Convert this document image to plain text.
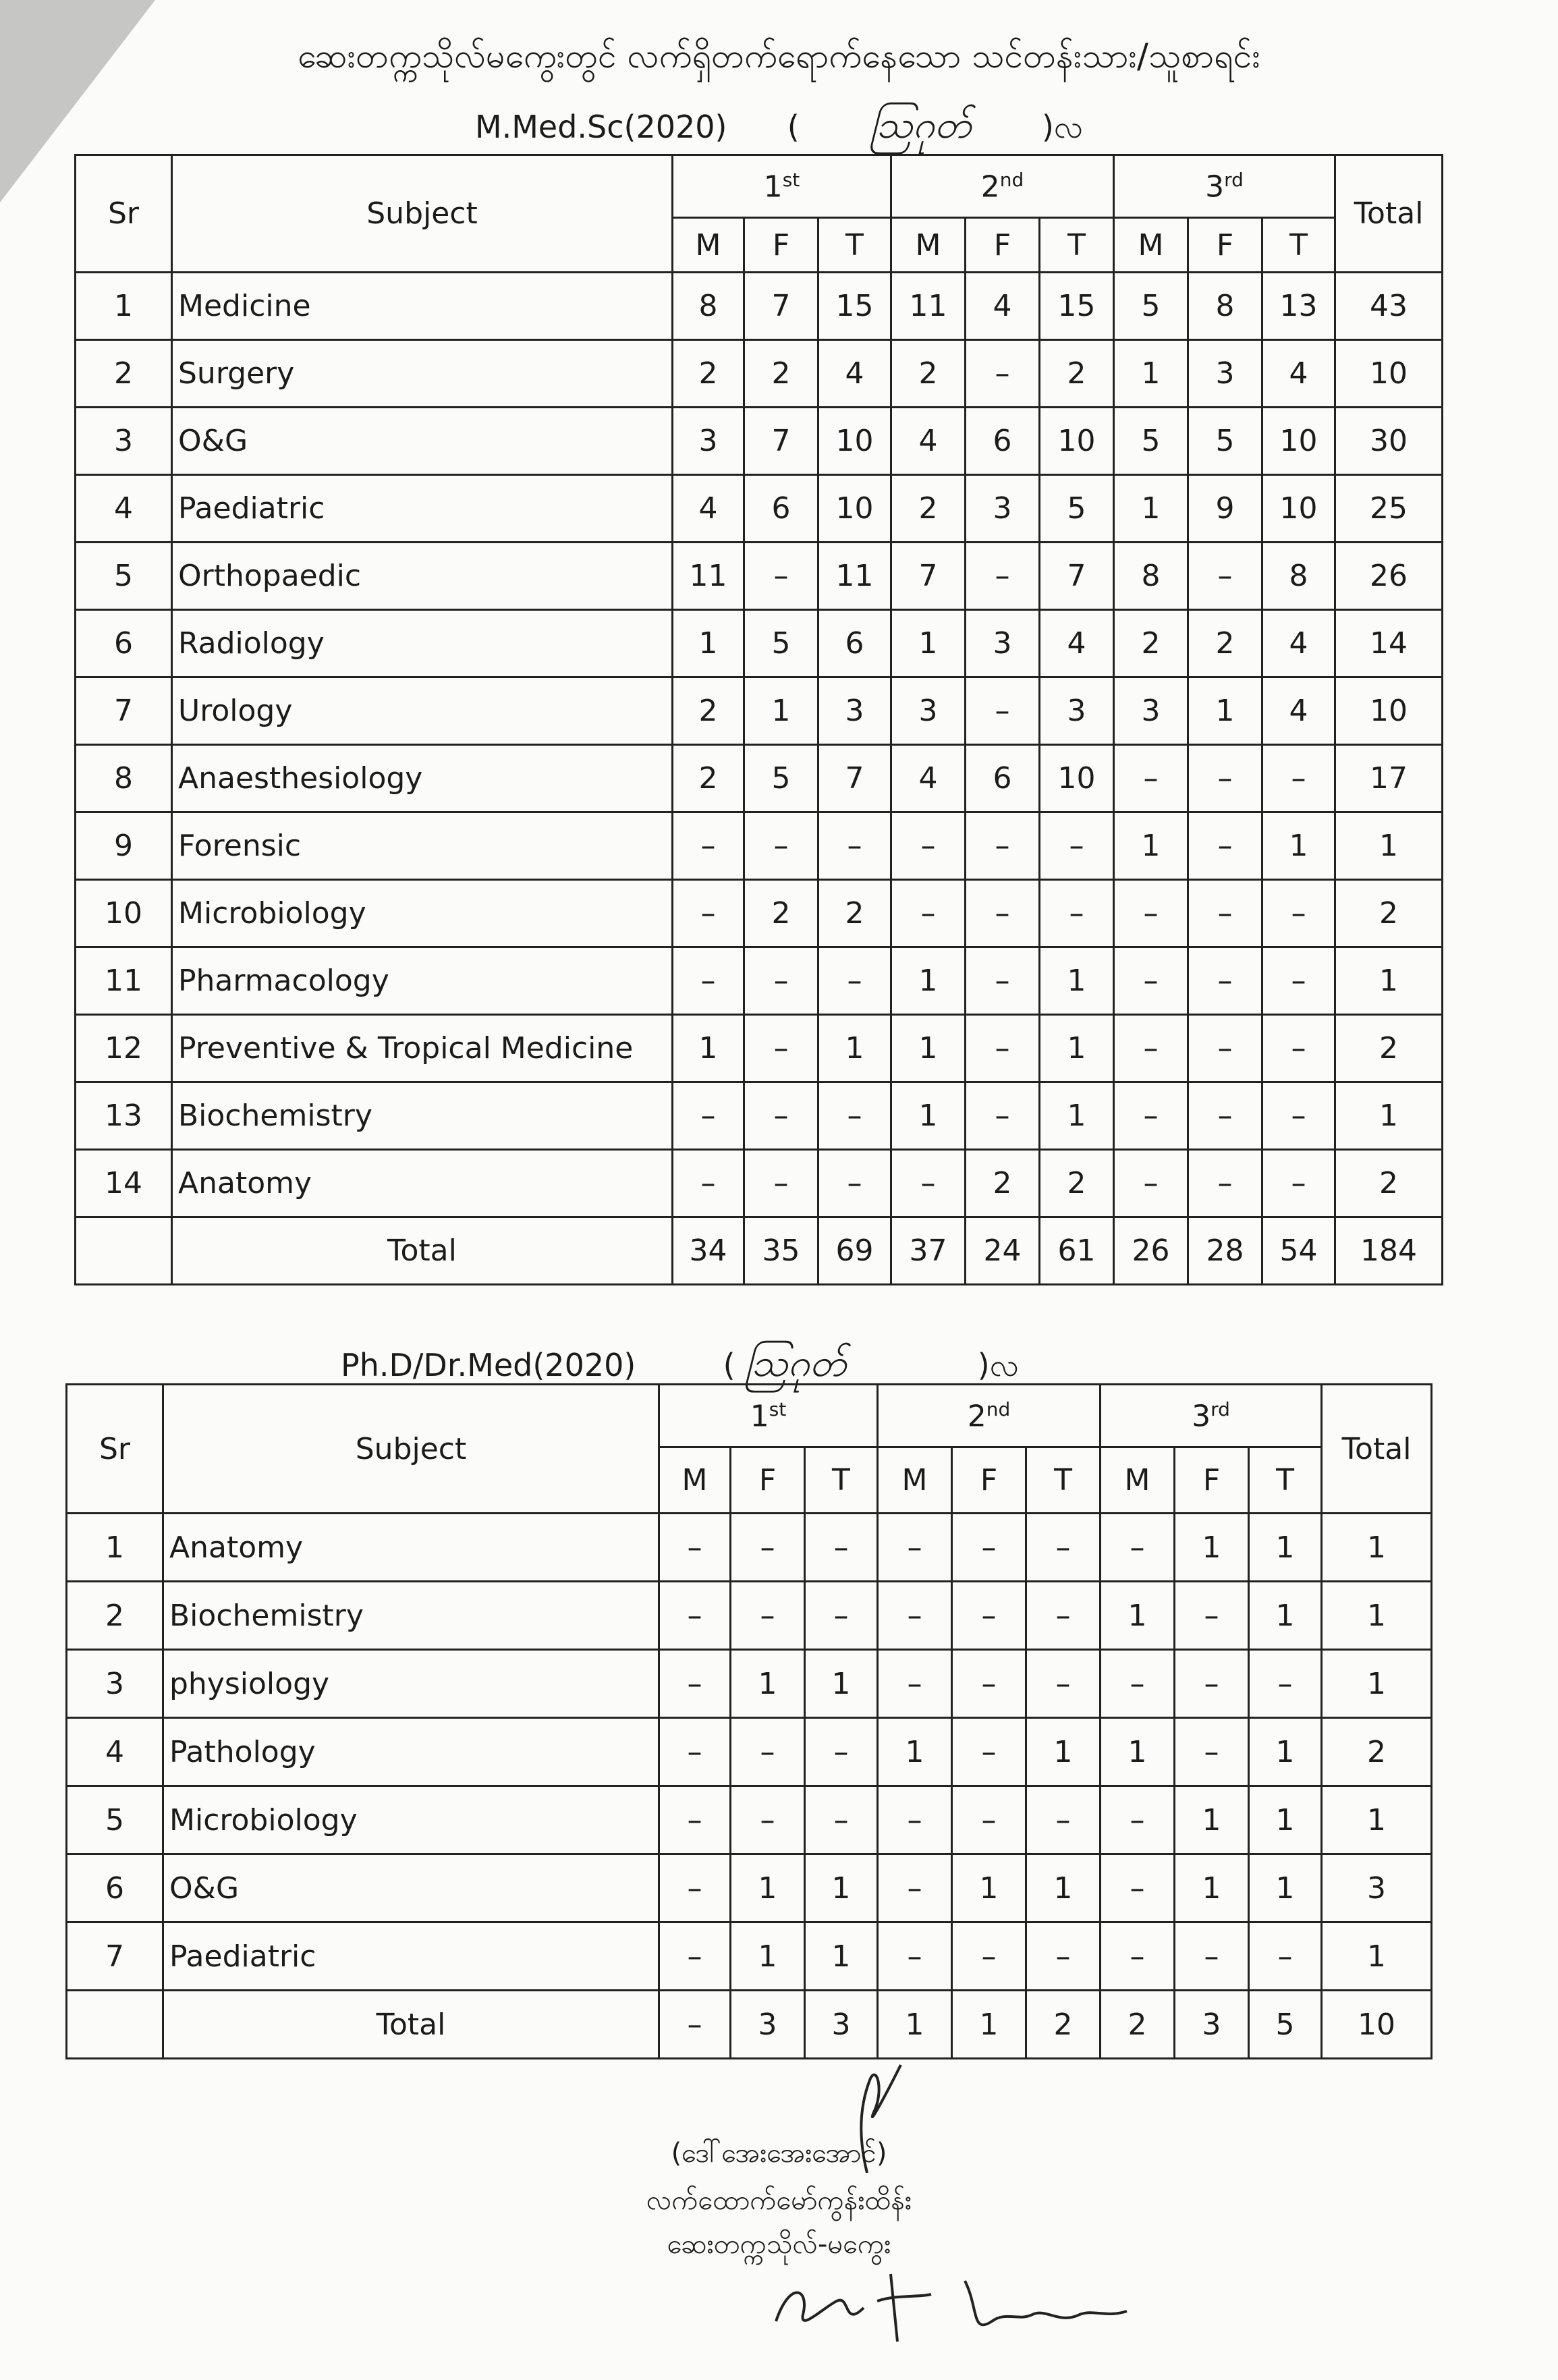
ဆေးတက္ကသိုလ်မကွေးတွင် လက်ရှိတက်ရောက်နေသော သင်တန်းသား/သူစာရင်း
M.Med.Sc(2020) ( ဩဂုတ် )လ
Sr	Subject	1st			2nd			3rd			Total
		M	F	T	M	F	T	M	F	T	
1	Medicine	8	7	15	11	4	15	5	8	13	43
2	Surgery	2	2	4	2	–	2	1	3	4	10
3	O&G	3	7	10	4	6	10	5	5	10	30
4	Paediatric	4	6	10	2	3	5	1	9	10	25
5	Orthopaedic	11	–	11	7	–	7	8	–	8	26
6	Radiology	1	5	6	1	3	4	2	2	4	14
7	Urology	2	1	3	3	–	3	3	1	4	10
8	Anaesthesiology	2	5	7	4	6	10	–	–	–	17
9	Forensic	–	–	–	–	–	–	1	–	1	1
10	Microbiology	–	2	2	–	–	–	–	–	–	2
11	Pharmacology	–	–	–	1	–	1	–	–	–	1
12	Preventive & Tropical Medicine	1	–	1	1	–	1	–	–	–	2
13	Biochemistry	–	–	–	1	–	1	–	–	–	1
14	Anatomy	–	–	–	–	2	2	–	–	–	2
	Total	34	35	69	37	24	61	26	28	54	184
Ph.D/Dr.Med(2020)	( ဩဂုတ်	)လ
Sr	Subject	1st			2nd			3rd			Total
		M	F	T	M	F	T	M	F	T	
1	Anatomy	–	–	–	–	–	–	–	1	1	1
2	Biochemistry	–	–	–	–	–	–	1	–	1	1
3	physiology	–	1	1	–	–	–	–	–	–	1
4	Pathology	–	–	–	1	–	1	1	–	1	2
5	Microbiology	–	–	–	–	–	–	–	1	1	1
6	O&G	–	1	1	–	1	1	–	1	1	3
7	Paediatric	–	1	1	–	–	–	–	–	–	1
	Total	–	3	3	1	1	2	2	3	5	10
(ဒေါ်အေးအေးအောင်)
လက်ထောက်မော်ကွန်းထိန်း
ဆေးတက္ကသိုလ်-မကွေး
